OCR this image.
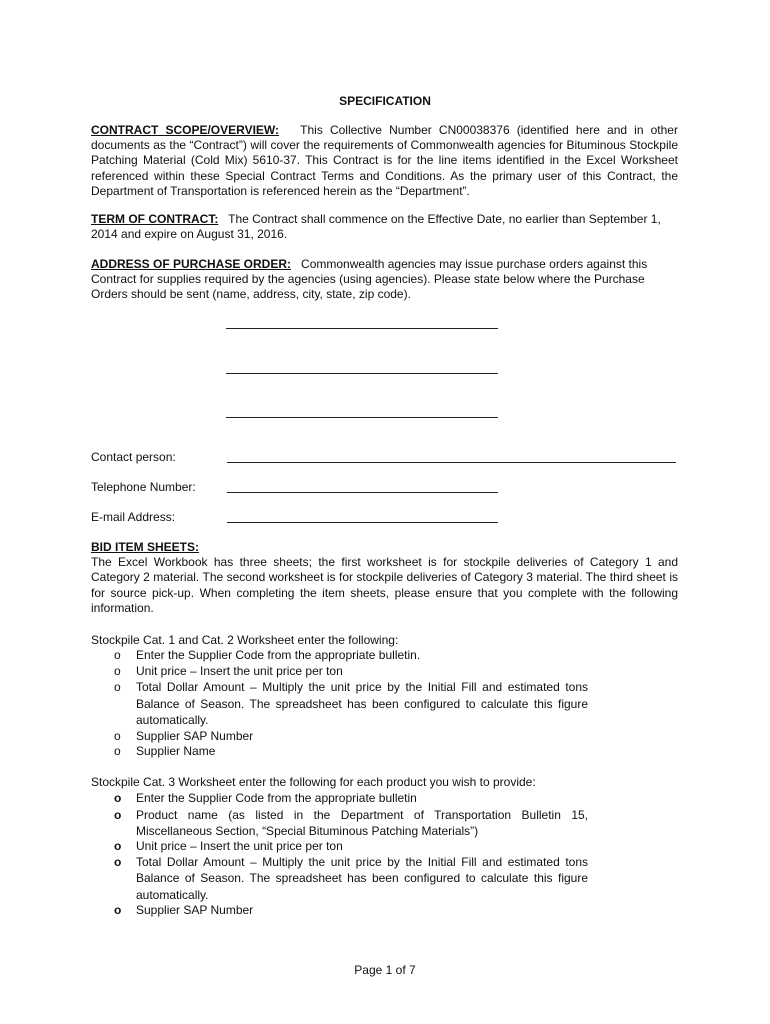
SPECIFICATION
CONTRACT SCOPE/OVERVIEW: This Collective Number CN00038376 (identified here and in other documents as the “Contract”) will cover the requirements of Commonwealth agencies for Bituminous Stockpile Patching Material (Cold Mix) 5610-37. This Contract is for the line items identified in the Excel Worksheet referenced within these Special Contract Terms and Conditions. As the primary user of this Contract, the Department of Transportation is referenced herein as the “Department”.
TERM OF CONTRACT: The Contract shall commence on the Effective Date, no earlier than September 1, 2014 and expire on August 31, 2016.
ADDRESS OF PURCHASE ORDER: Commonwealth agencies may issue purchase orders against this Contract for supplies required by the agencies (using agencies). Please state below where the Purchase Orders should be sent (name, address, city, state, zip code).
Contact person:
Telephone Number:
E-mail Address:
BID ITEM SHEETS:
The Excel Workbook has three sheets; the first worksheet is for stockpile deliveries of Category 1 and Category 2 material. The second worksheet is for stockpile deliveries of Category 3 material. The third sheet is for source pick-up. When completing the item sheets, please ensure that you complete with the following information.
Stockpile Cat. 1 and Cat. 2 Worksheet enter the following:
o Enter the Supplier Code from the appropriate bulletin.
o Unit price – Insert the unit price per ton
o Total Dollar Amount – Multiply the unit price by the Initial Fill and estimated tons Balance of Season. The spreadsheet has been configured to calculate this figure automatically.
o Supplier SAP Number
o Supplier Name
Stockpile Cat. 3 Worksheet enter the following for each product you wish to provide:
o Enter the Supplier Code from the appropriate bulletin
o Product name (as listed in the Department of Transportation Bulletin 15, Miscellaneous Section, “Special Bituminous Patching Materials”)
o Unit price – Insert the unit price per ton
o Total Dollar Amount – Multiply the unit price by the Initial Fill and estimated tons Balance of Season. The spreadsheet has been configured to calculate this figure automatically.
o Supplier SAP Number
Page 1 of 7
